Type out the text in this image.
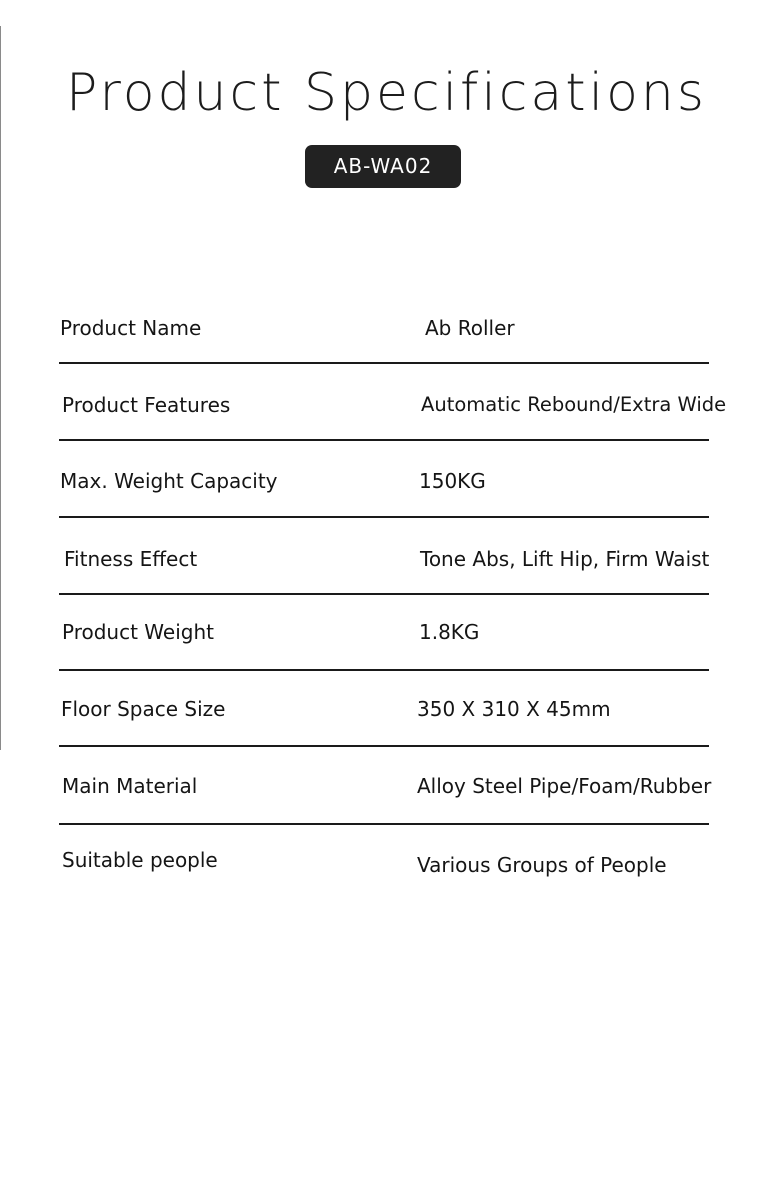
Product Specifications
AB-WA02
Product Name	Ab Roller
Product Features	Automatic Rebound/Extra Wide
Max. Weight Capacity	150KG
Fitness Effect	Tone Abs, Lift Hip, Firm Waist
Product Weight	1.8KG
Floor Space Size	350 X 310 X 45mm
Main Material	Alloy Steel Pipe/Foam/Rubber
Suitable people	Various Groups of People
